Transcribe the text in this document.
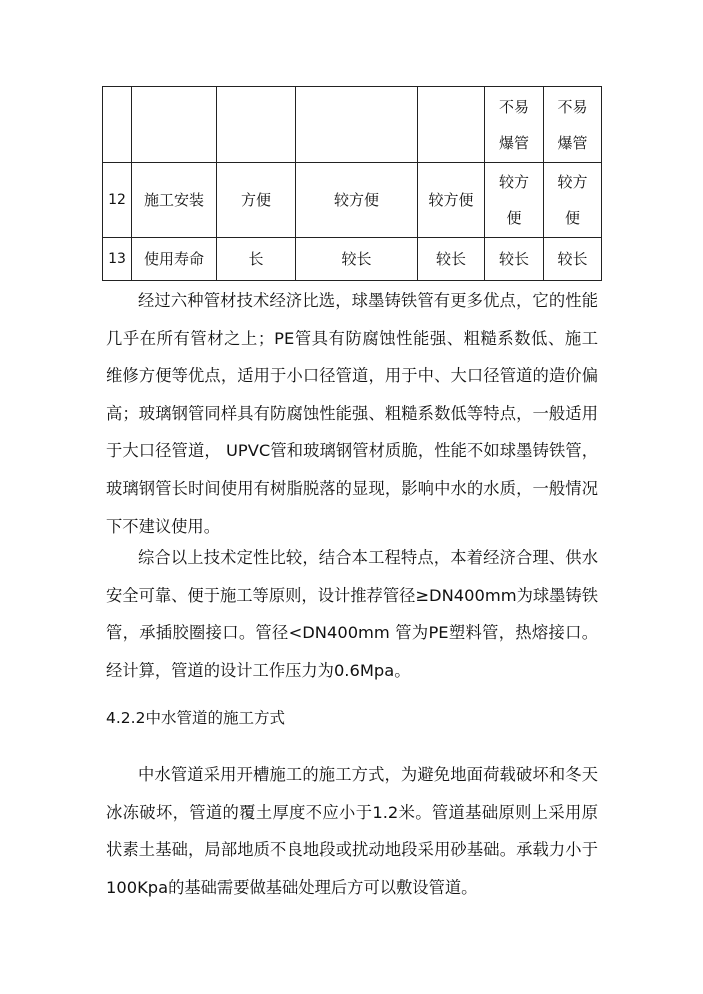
					不易爆管	不易爆管

12	施工安装	方便	较方便	较方便	较方便	较方便

13	使用寿命	长	较长	较长	较长	较长

经过六种管材技术经济比选，球墨铸铁管有更多优点，它的性能几乎在所有管材之上；PE管具有防腐蚀性能强、粗糙系数低、施工维修方便等优点，适用于小口径管道，用于中、大口径管道的造价偏高；玻璃钢管同样具有防腐蚀性能强、粗糙系数低等特点，一般适用于大口径管道， UPVC管和玻璃钢管材质脆，性能不如球墨铸铁管，玻璃钢管长时间使用有树脂脱落的显现，影响中水的水质，一般情况下不建议使用。

综合以上技术定性比较，结合本工程特点，本着经济合理、供水安全可靠、便于施工等原则，设计推荐管径≥DN400mm为球墨铸铁管，承插胶圈接口。管径<DN400mm 管为PE塑料管，热熔接口。经计算，管道的设计工作压力为0.6Mpa。

4.2.2中水管道的施工方式

中水管道采用开槽施工的施工方式，为避免地面荷载破坏和冬天冰冻破坏，管道的覆土厚度不应小于1.2米。管道基础原则上采用原状素土基础，局部地质不良地段或扰动地段采用砂基础。承载力小于100Kpa的基础需要做基础处理后方可以敷设管道。
